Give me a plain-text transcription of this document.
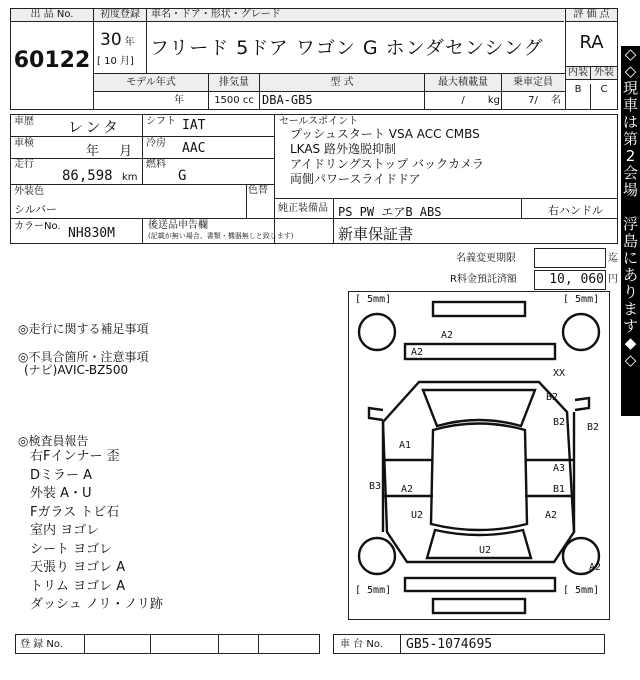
出 品 No.
60122
初度登録
30 年
[ 10 月]
車名・ドア・形状・グレード
フリード 5ドア ワゴン G ホンダセンシング
評 価 点
RA
内装 外装
B	C
モデル年式	排気量	型 式	最大積載量	乗車定員
年	1500 cc DBA-GB5	/ kg	7/ 名
車歴 レンタ シフト IAT
車検
年 月
冷房 AAC
走行
86,598 km
燃料
G
外装色
シルバー
色替
カラーNo. NH830M
セールスポイント
プッシュスタート VSA ACC CMBS
LKAS 路外逸脱抑制
アイドリングストップ バックカメラ
両側パワースライドドア
純正装備品 PS PW エアB ABS	右ハンドル
後送品申告欄
(記載が無い場合、書類・機器無しと致します)	新車保証書
名義変更期限	迄
R料金預託済額	10, 060 円
◎走行に関する補足事項
◎不具合箇所・注意事項
(ナビ)AVIC-BZ500
◎検査員報告
右Fインナー 歪
Dミラー A
外装 A・U
Fガラス トビ石
室内 ヨゴレ
シート ヨゴレ
天張り ヨゴレ A
トリム ヨゴレ A
ダッシュ ノリ・ノリ跡
[ 5mm]	[ 5mm]
[ 5mm]	[ 5mm]
A2
A2
XX
B2
B2 B2
A1
A3
B3 A2	B1
U2	A2
U2
A2
登 録 No.	車 台 No. GB5-1074695
◇
◇
現
車
は
第
2
会
場

浮
島
に
あ
り
ま
す
◆
◇
